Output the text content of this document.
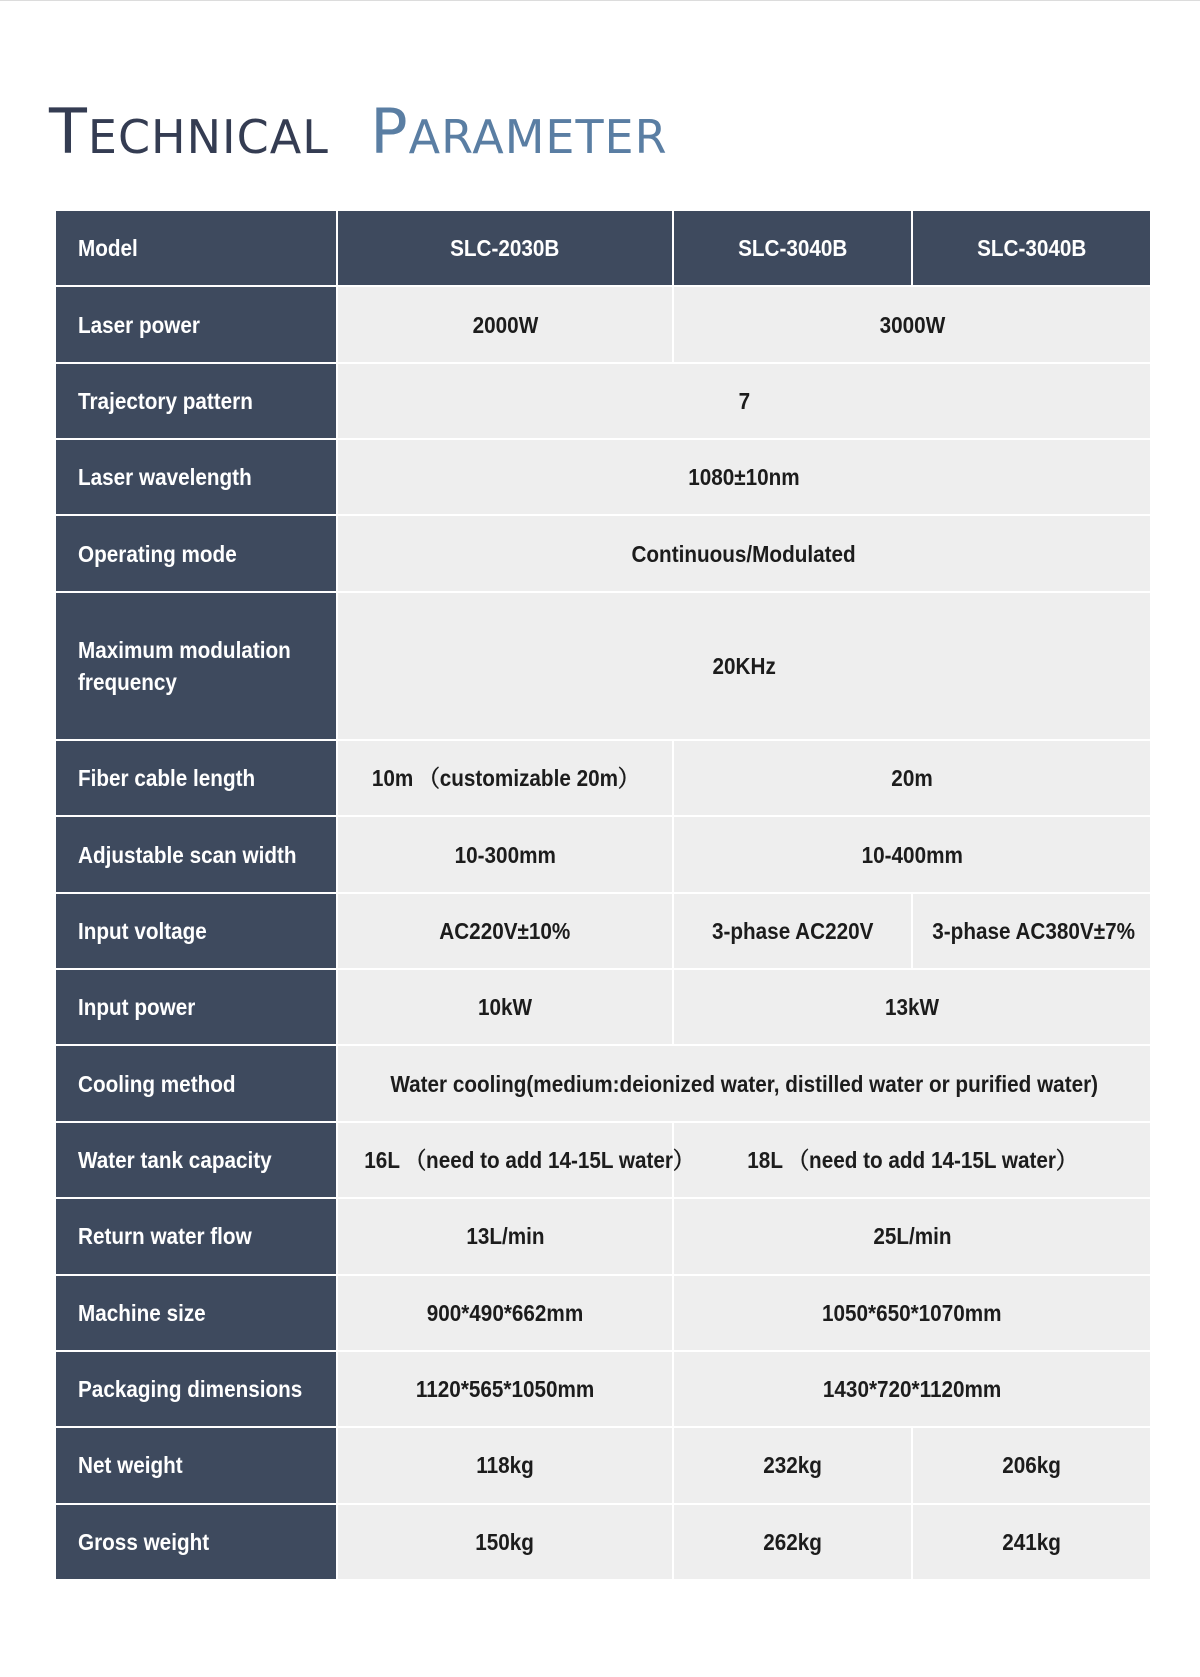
TECHNICAL PARAMETER
Model	SLC-2030B	SLC-3040B	SLC-3040B
Laser power	2000W	3000W	
Trajectory pattern	7		
Laser wavelength	1080±10nm		
Operating mode	Continuous/Modulated		
Maximum modulation frequency	20KHz		
Fiber cable length	10m （customizable 20m）	20m	
Adjustable scan width	10-300mm	10-400mm	
Input voltage	AC220V±10%	3-phase AC220V	3-phase AC380V±7%
Input power	10kW	13kW	
Cooling method	Water cooling(medium:deionized water, distilled water or purified water)		
Water tank capacity	16L （need to add 14-15L water）	18L （need to add 14-15L water）	
Return water flow	13L/min	25L/min	
Machine size	900*490*662mm	1050*650*1070mm	
Packaging dimensions	1120*565*1050mm	1430*720*1120mm	
Net weight	118kg	232kg	206kg
Gross weight	150kg	262kg	241kg
